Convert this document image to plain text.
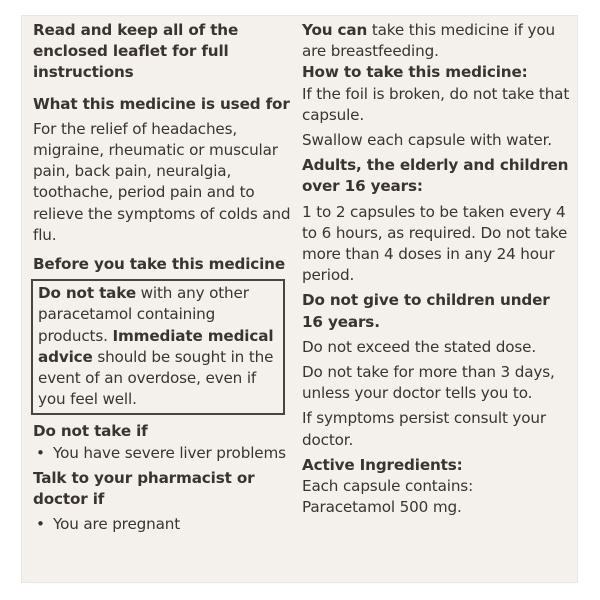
Read and keep all of the enclosed leaflet for full instructions

What this medicine is used for

For the relief of headaches, migraine, rheumatic or muscular pain, back pain, neuralgia, toothache, period pain and to relieve the symptoms of colds and flu.

Before you take this medicine

Do not take with any other paracetamol containing products. Immediate medical advice should be sought in the event of an overdose, even if you feel well.

Do not take if

• You have severe liver problems

Talk to your pharmacist or doctor if

• You are pregnant

You can take this medicine if you are breastfeeding.

How to take this medicine:

If the foil is broken, do not take that capsule.

Swallow each capsule with water.

Adults, the elderly and children over 16 years:

1 to 2 capsules to be taken every 4 to 6 hours, as required. Do not take more than 4 doses in any 24 hour period.

Do not give to children under 16 years.

Do not exceed the stated dose.

Do not take for more than 3 days, unless your doctor tells you to.

If symptoms persist consult your doctor.

Active Ingredients:

Each capsule contains:

Paracetamol 500 mg.
